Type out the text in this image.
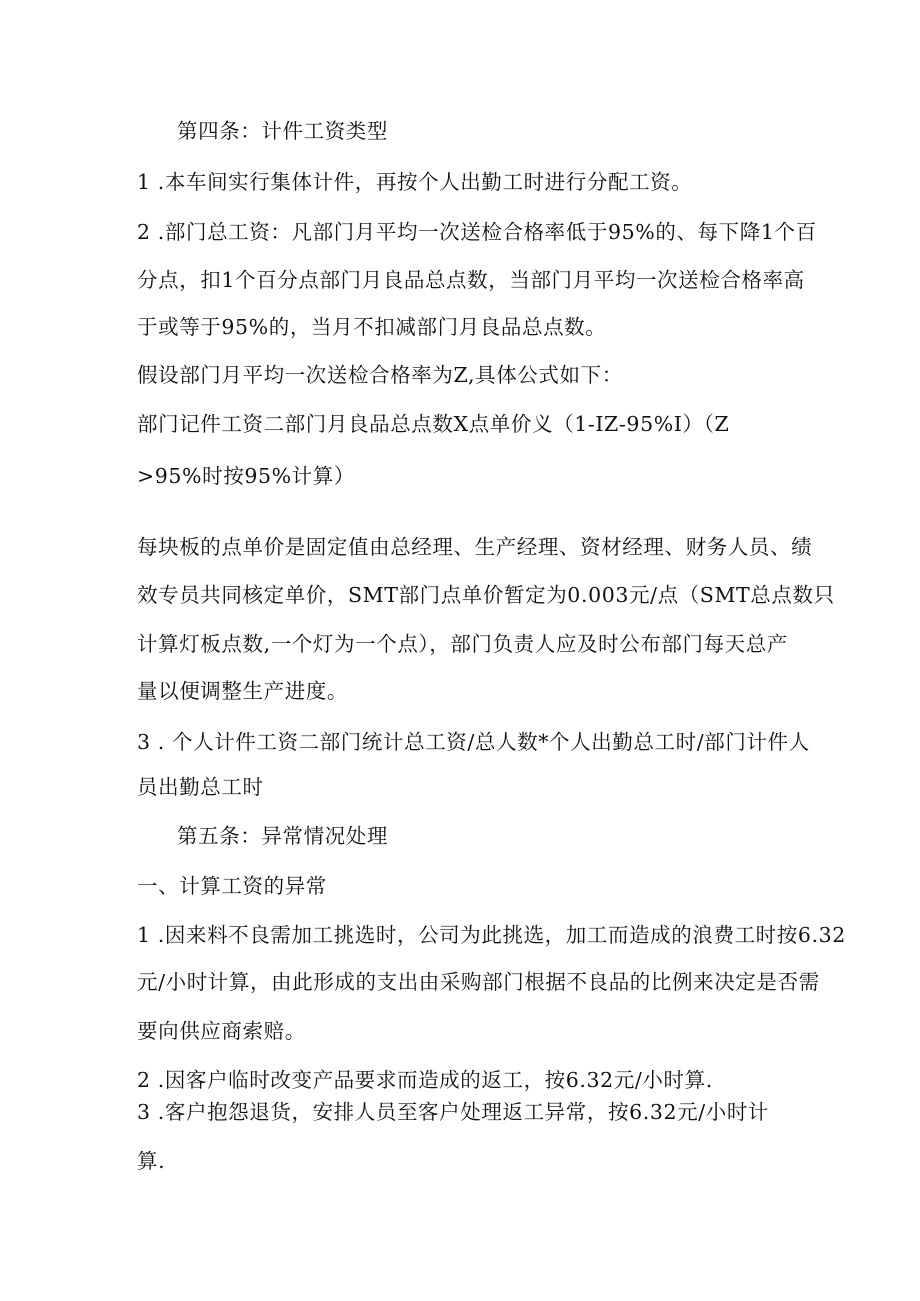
第四条：计件工资类型

1 .本车间实行集体计件，再按个人出勤工时进行分配工资。

2 .部门总工资：凡部门月平均一次送检合格率低于95%的、每下降1个百

分点，扣1个百分点部门月良品总点数，当部门月平均一次送检合格率高

于或等于95%的，当月不扣减部门月良品总点数。

假设部门月平均一次送检合格率为Z,具体公式如下：

部门记件工资二部门月良品总点数X点单价义（1-IZ-95%I）（Z

>95%时按95%计算）

每块板的点单价是固定值由总经理、生产经理、资材经理、财务人员、绩

效专员共同核定单价，SMT部门点单价暂定为0.003元/点（SMT总点数只

计算灯板点数,一个灯为一个点），部门负责人应及时公布部门每天总产

量以便调整生产进度。

3 . 个人计件工资二部门统计总工资/总人数*个人出勤总工时/部门计件人

员出勤总工时

第五条：异常情况处理

一、计算工资的异常

1 .因来料不良需加工挑选时，公司为此挑选，加工而造成的浪费工时按6.32

元/小时计算，由此形成的支出由采购部门根据不良品的比例来决定是否需

要向供应商索赔。

2 .因客户临时改变产品要求而造成的返工，按6.32元/小时算.

3 .客户抱怨退货，安排人员至客户处理返工异常，按6.32元/小时计

算.
